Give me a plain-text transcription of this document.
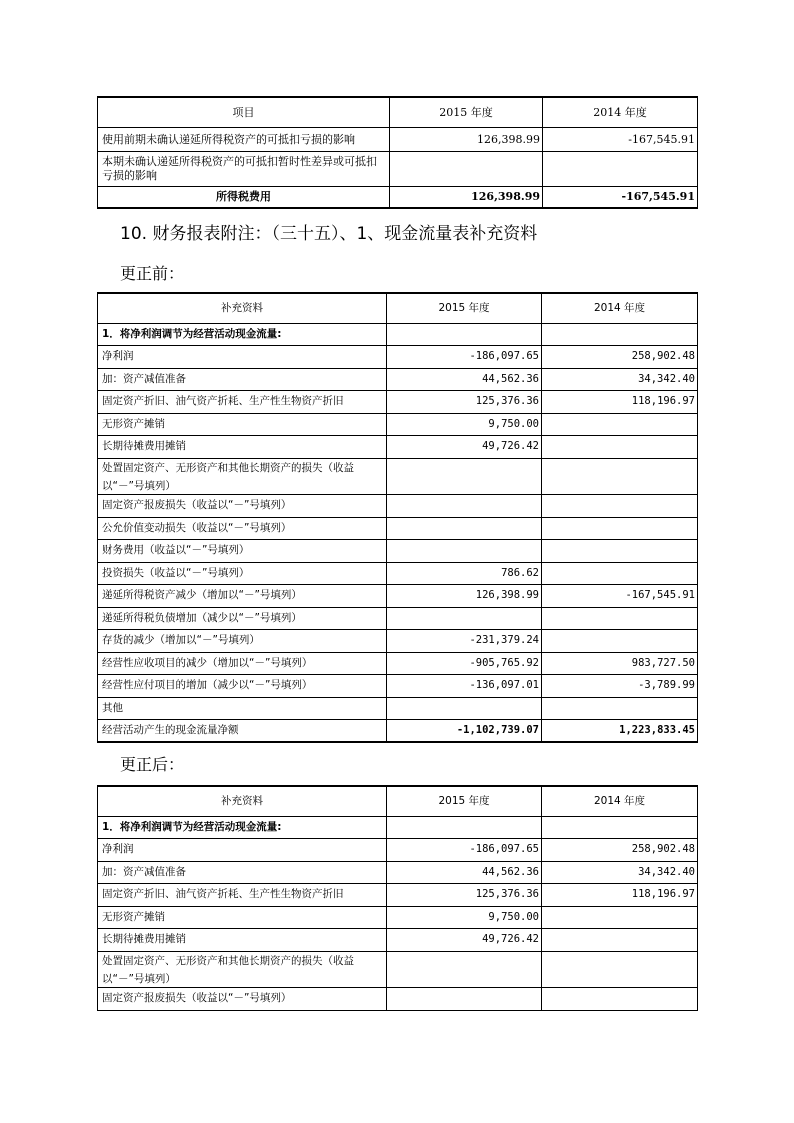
项目	2015 年度	2014 年度
使用前期未确认递延所得税资产的可抵扣亏损的影响	126,398.99	-167,545.91
本期未确认递延所得税资产的可抵扣暂时性差异或可抵扣亏损的影响		
所得税费用	126,398.99	-167,545.91
10. 财务报表附注：（三十五）、1、现金流量表补充资料
更正前：
补充资料	2015 年度	2014 年度
1．将净利润调节为经营活动现金流量:		
净利润	-186,097.65	258,902.48
加：资产减值准备	44,562.36	34,342.40
固定资产折旧、油气资产折耗、生产性生物资产折旧	125,376.36	118,196.97
无形资产摊销	9,750.00	
长期待摊费用摊销	49,726.42	

处置固定资产、无形资产和其他长期资产的损失（收益以“－”号填列）		

固定资产报废损失（收益以“－”号填列）		
公允价值变动损失（收益以“－”号填列）		
财务费用（收益以“－”号填列）		
投资损失（收益以“－”号填列）	786.62	
递延所得税资产减少（增加以“－”号填列）	126,398.99	-167,545.91
递延所得税负债增加（减少以“－”号填列）		
存货的减少（增加以“－”号填列）	-231,379.24	
经营性应收项目的减少（增加以“－”号填列）	-905,765.92	983,727.50
经营性应付项目的增加（减少以“－”号填列）	-136,097.01	-3,789.99
其他		
经营活动产生的现金流量净额	-1,102,739.07	1,223,833.45
更正后：
补充资料	2015 年度	2014 年度
1．将净利润调节为经营活动现金流量:		
净利润	-186,097.65	258,902.48
加：资产减值准备	44,562.36	34,342.40
固定资产折旧、油气资产折耗、生产性生物资产折旧	125,376.36	118,196.97
无形资产摊销	9,750.00	
长期待摊费用摊销	49,726.42	

处置固定资产、无形资产和其他长期资产的损失（收益以“－”号填列）		

固定资产报废损失（收益以“－”号填列）		
